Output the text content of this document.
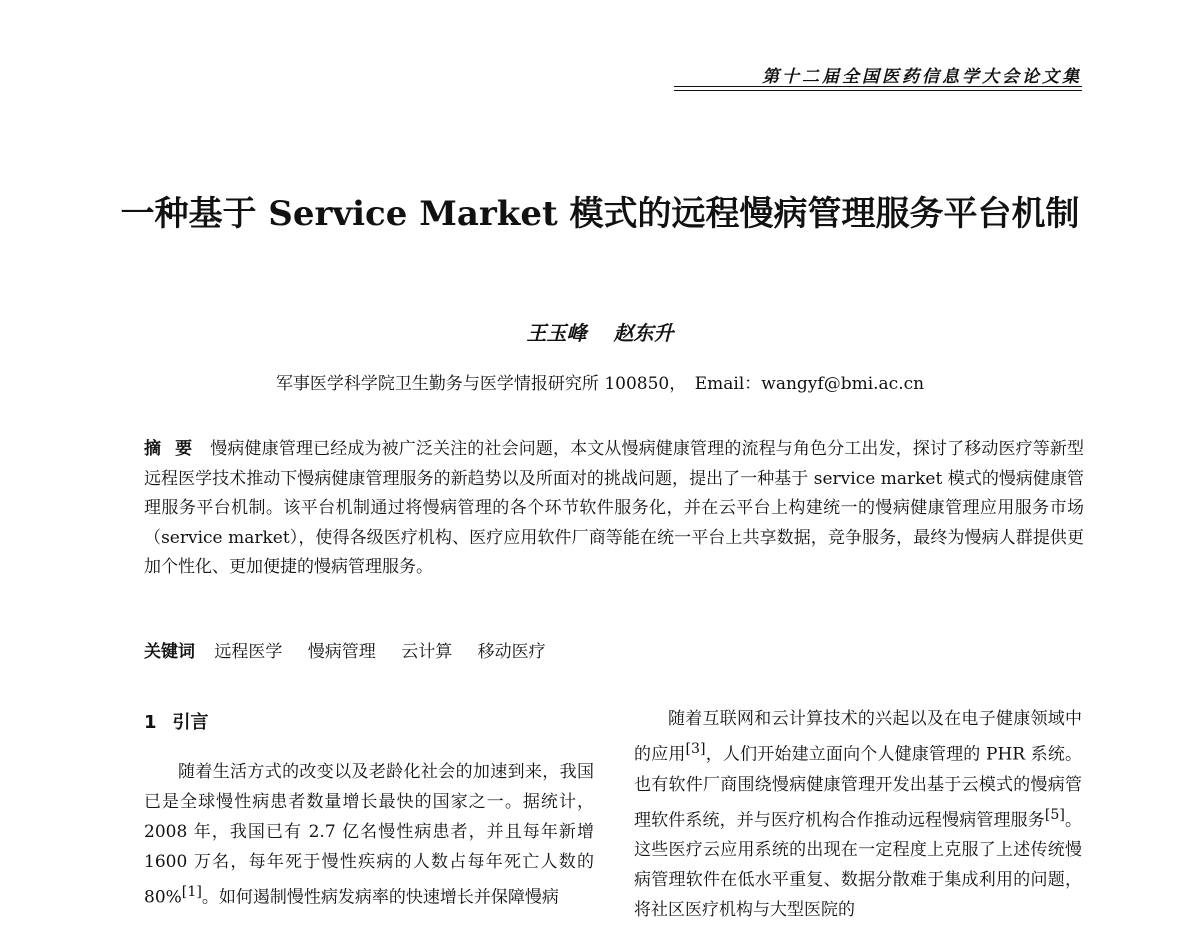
第十二届全国医药信息学大会论文集
一种基于 Service Market 模式的远程慢病管理服务平台机制
王玉峰　 赵东升
军事医学科学院卫生勤务与医学情报研究所 100850，　Email：wangyf@bmi.ac.cn
摘要 慢病健康管理已经成为被广泛关注的社会问题，本文从慢病健康管理的流程与角色分工出发，探讨了移动医疗等新型远程医学技术推动下慢病健康管理服务的新趋势以及所面对的挑战问题，提出了一种基于 service market 模式的慢病健康管理服务平台机制。该平台机制通过将慢病管理的各个环节软件服务化，并在云平台上构建统一的慢病健康管理应用服务市场（service market），使得各级医疗机构、医疗应用软件厂商等能在统一平台上共享数据，竞争服务，最终为慢病人群提供更加个性化、更加便捷的慢病管理服务。
关键词 远程医学 慢病管理 云计算 移动医疗
1 引言

随着生活方式的改变以及老龄化社会的加速到来，我国已是全球慢性病患者数量增长最快的国家之一。据统计，2008 年，我国已有 2.7 亿名慢性病患者，并且每年新增 1600 万名，每年死于慢性疾病的人数占每年死亡人数的 80%[1]。如何遏制慢性病发病率的快速增长并保障慢病

随着互联网和云计算技术的兴起以及在电子健康领域中的应用[3]，人们开始建立面向个人健康管理的 PHR 系统。也有软件厂商围绕慢病健康管理开发出基于云模式的慢病管理软件系统，并与医疗机构合作推动远程慢病管理服务[5]。这些医疗云应用系统的出现在一定程度上克服了上述传统慢病管理软件在低水平重复、数据分散难于集成利用的问题，将社区医疗机构与大型医院的
